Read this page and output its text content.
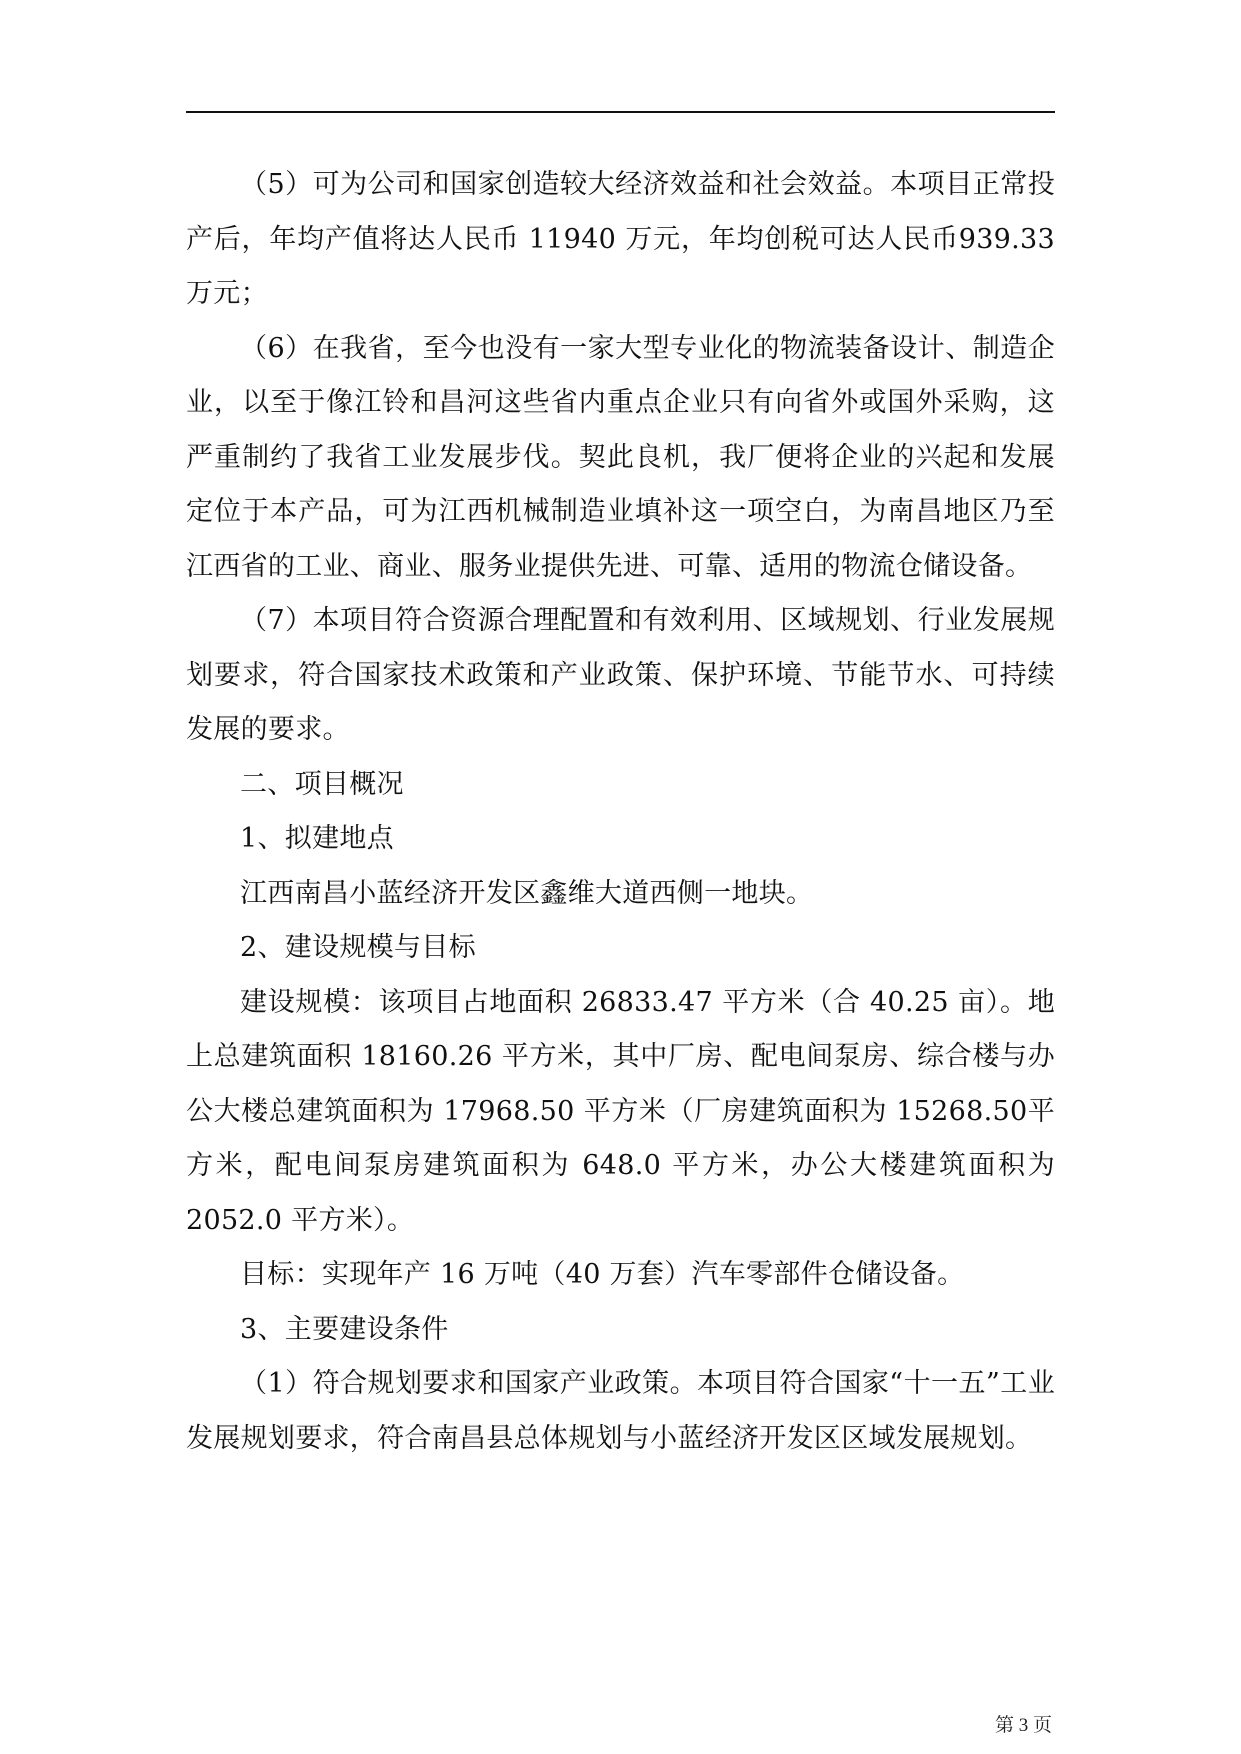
（5）可为公司和国家创造较大经济效益和社会效益。本项目正常投产后，年均产值将达人民币 11940 万元，年均创税可达人民币939.33 万元；

（6）在我省，至今也没有一家大型专业化的物流装备设计、制造企业，以至于像江铃和昌河这些省内重点企业只有向省外或国外采购，这严重制约了我省工业发展步伐。契此良机，我厂便将企业的兴起和发展定位于本产品，可为江西机械制造业填补这一项空白，为南昌地区乃至江西省的工业、商业、服务业提供先进、可靠、适用的物流仓储设备。

（7）本项目符合资源合理配置和有效利用、区域规划、行业发展规划要求，符合国家技术政策和产业政策、保护环境、节能节水、可持续发展的要求。

二、项目概况

1、拟建地点

江西南昌小蓝经济开发区鑫维大道西侧一地块。

2、建设规模与目标

建设规模：该项目占地面积 26833.47 平方米（合 40.25 亩）。地上总建筑面积 18160.26 平方米，其中厂房、配电间泵房、综合楼与办公大楼总建筑面积为 17968.50 平方米（厂房建筑面积为 15268.50平方米，配电间泵房建筑面积为 648.0 平方米，办公大楼建筑面积为2052.0 平方米）。

目标：实现年产 16 万吨（40 万套）汽车零部件仓储设备。

3、主要建设条件

（1）符合规划要求和国家产业政策。本项目符合国家“十一五”工业发展规划要求，符合南昌县总体规划与小蓝经济开发区区域发展规划。

第 3 页
